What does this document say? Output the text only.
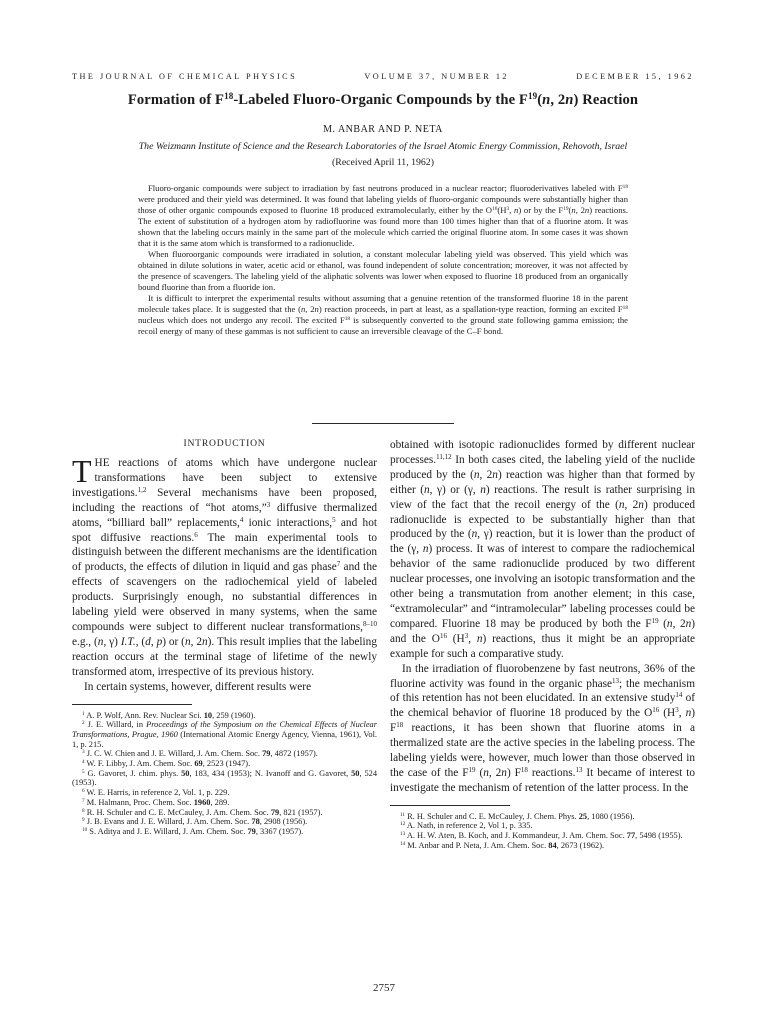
THE JOURNAL OF CHEMICAL PHYSICS	VOLUME 37, NUMBER 12	DECEMBER 15, 1962
Formation of $F^{18}$-Labeled Fluoro-Organic Compounds by the $F^{19}(n$, 2n) Reaction
M. ANBAR AND P. NETA
The Weizmann Institute of Science and the Research Laboratories of the Israel Atomic Energy Commission, Rehovoth, Israel
(Received April 11, 1962)

Fluoro-organic compounds were subject to irradiation by fast neutrons produced in a nuclear reactor; fluoroderivatives labeled with $F^{18}$ were produced and their yield was determined. It was found that labeling yields of fluoro-organic compounds were substantially higher than those of other organic compounds exposed to fluorine 18 produced extramolecularly, either by the $O^{16}(H^3$, n) or by the $F^{19}(n$, 2n) reactions. The extent of substitution of a hydrogen atom by radiofluorine was found more than 100 times higher than that of a fluorine atom. It was shown that the labeling occurs mainly in the same part of the molecule which carried the original fluorine atom. In some cases it was shown that it is the same atom which is transformed to a radionuclide.

When fluoroorganic compounds were irradiated in solution, a constant molecular labeling yield was observed. This yield which was obtained in dilute solutions in water, acetic acid or ethanol, was found independent of solute concentration; moreover, it was not affected by the presence of scavengers. The labeling yield of the aliphatic solvents was lower when exposed to fluorine 18 produced from an organically bound fluorine than from a fluoride ion.

It is difficult to interpret the experimental results without assuming that a genuine retention of the transformed fluorine 18 in the parent molecule takes place. It is suggested that the (n, 2n) reaction proceeds, in part at least, as a spallation-type reaction, forming an excited $F^{18}$ nucleus which does not undergo any recoil. The excited $F^{18}$ is subsequently converted to the ground state following gamma emission; the recoil energy of many of these gammas is not sufficient to cause an irreversible cleavage of the C–F bond.

INTRODUCTION

THE reactions of atoms which have undergone nuclear transformations have been subject to extensive investigations.$^{1,2}$ Several mechanisms have been proposed, including the reactions of “hot atoms,”$^3$ diffusive thermalized atoms, “billiard ball” replacements,$^4$ ionic interactions,$^5$ and hot spot diffusive reactions.$^6$ The main experimental tools to distinguish between the different mechanisms are the identification of products, the effects of dilution in liquid and gas phase$^7$ and the effects of scavengers on the radiochemical yield of labeled products. Surprisingly enough, no substantial differences in labeling yield were observed in many systems, when the same compounds were subject to different nuclear transformations,$^{8-10}$ e.g., (n, γ) I.T., (d, p) or (n, 2n). This result implies that the labeling reaction occurs at the terminal stage of lifetime of the newly transformed atom, irrespective of its previous history.

In certain systems, however, different results were

$^1$ A. P. Wolf, Ann. Rev. Nuclear Sci. 10, 259 (1960).

$^2$ J. E. Willard, in Proceedings of the Symposium on the Chemical Effects of Nuclear Transformations, Prague, 1960 (International Atomic Energy Agency, Vienna, 1961), Vol. 1, p. 215.

$^3$ J. C. W. Chien and J. E. Willard, J. Am. Chem. Soc. 79, 4872 (1957).

$^4$ W. F. Libby, J. Am. Chem. Soc. 69, 2523 (1947).

$^5$ G. Gavoret, J. chim. phys. 50, 183, 434 (1953); N. Ivanoff and G. Gavoret, 50, 524 (1953).

$^6$ W. E. Harris, in reference 2, Vol. 1, p. 229.

$^7$ M. Halmann, Proc. Chem. Soc. 1960, 289.

$^8$ R. H. Schuler and C. E. McCauley, J. Am. Chem. Soc. 79, 821 (1957).

$^9$ J. B. Evans and J. E. Willard, J. Am. Chem. Soc. 78, 2908 (1956).

$^{10}$ S. Aditya and J. E. Willard, J. Am. Chem. Soc. 79, 3367 (1957).

obtained with isotopic radionuclides formed by different nuclear processes.$^{11,12}$ In both cases cited, the labeling yield of the nuclide produced by the (n, 2n) reaction was higher than that formed by either (n, γ) or (γ, n) reactions. The result is rather surprising in view of the fact that the recoil energy of the (n, 2n) produced radionuclide is expected to be substantially higher than that produced by the (n, γ) reaction, but it is lower than the product of the (γ, n) process. It was of interest to compare the radiochemical behavior of the same radionuclide produced by two different nuclear processes, one involving an isotopic transformation and the other being a transmutation from another element; in this case, “extramolecular” and “intramolecular” labeling processes could be compared. Fluorine 18 may be produced by both the $F^{19}$ (n, 2n) and the $O^{16}$ ($H^3$, n) reactions, thus it might be an appropriate example for such a comparative study.

In the irradiation of fluorobenzene by fast neutrons, 36% of the fluorine activity was found in the organic phase$^{13}$; the mechanism of this retention has not been elucidated. In an extensive study$^{14}$ of the chemical behavior of fluorine 18 produced by the $O^{16}$ ($H^3$, n) $F^{18}$ reactions, it has been shown that fluorine atoms in a thermalized state are the active species in the labeling process. The labeling yields were, however, much lower than those observed in the case of the $F^{19}$ (n, 2n) $F^{18}$ reactions.$^{13}$ It became of interest to investigate the mechanism of retention of the latter process. In the

$^{11}$ R. H. Schuler and C. E. McCauley, J. Chem. Phys. 25, 1080 (1956).

$^{12}$ A. Nath, in reference 2, Vol 1, p. 335.

$^{13}$ A. H. W. Aten, B. Koch, and J. Kommandeur, J. Am. Chem. Soc. 77, 5498 (1955).

$^{14}$ M. Anbar and P. Neta, J. Am. Chem. Soc. 84, 2673 (1962).

2757
